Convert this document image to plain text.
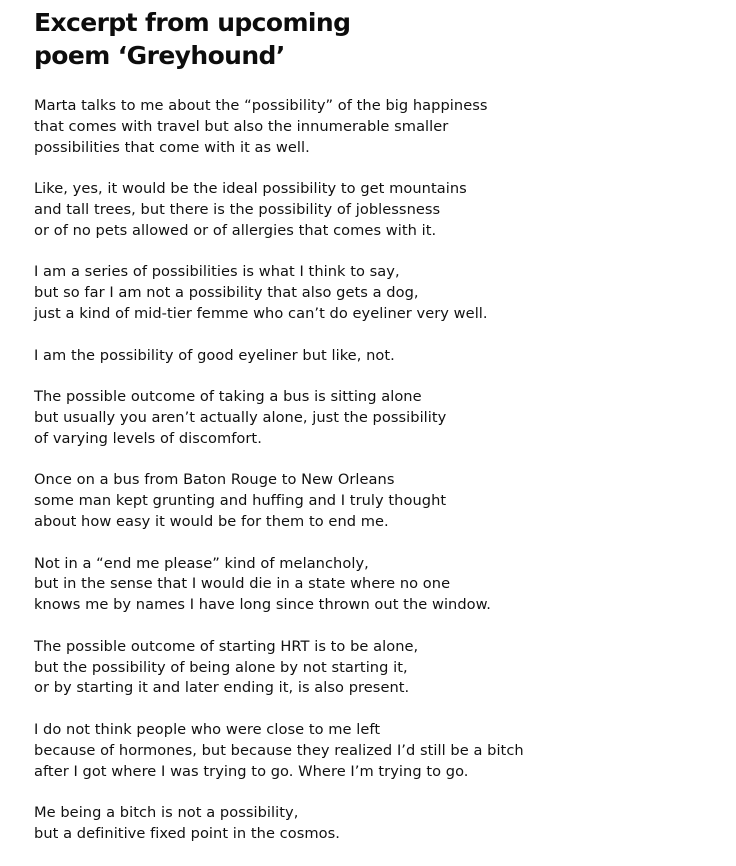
Excerpt from upcoming
poem ‘Greyhound’
Marta talks to me about the “possibility” of the big happiness
that comes with travel but also the innumerable smaller
possibilities that come with it as well.
Like, yes, it would be the ideal possibility to get mountains
and tall trees, but there is the possibility of joblessness
or of no pets allowed or of allergies that comes with it.
I am a series of possibilities is what I think to say,
but so far I am not a possibility that also gets a dog,
just a kind of mid-tier femme who can’t do eyeliner very well.
I am the possibility of good eyeliner but like, not.
The possible outcome of taking a bus is sitting alone
but usually you aren’t actually alone, just the possibility
of varying levels of discomfort.
Once on a bus from Baton Rouge to New Orleans
some man kept grunting and huffing and I truly thought
about how easy it would be for them to end me.
Not in a “end me please” kind of melancholy,
but in the sense that I would die in a state where no one
knows me by names I have long since thrown out the window.
The possible outcome of starting HRT is to be alone,
but the possibility of being alone by not starting it,
or by starting it and later ending it, is also present.
I do not think people who were close to me left
because of hormones, but because they realized I’d still be a bitch
after I got where I was trying to go. Where I’m trying to go.
Me being a bitch is not a possibility,
but a definitive fixed point in the cosmos.
